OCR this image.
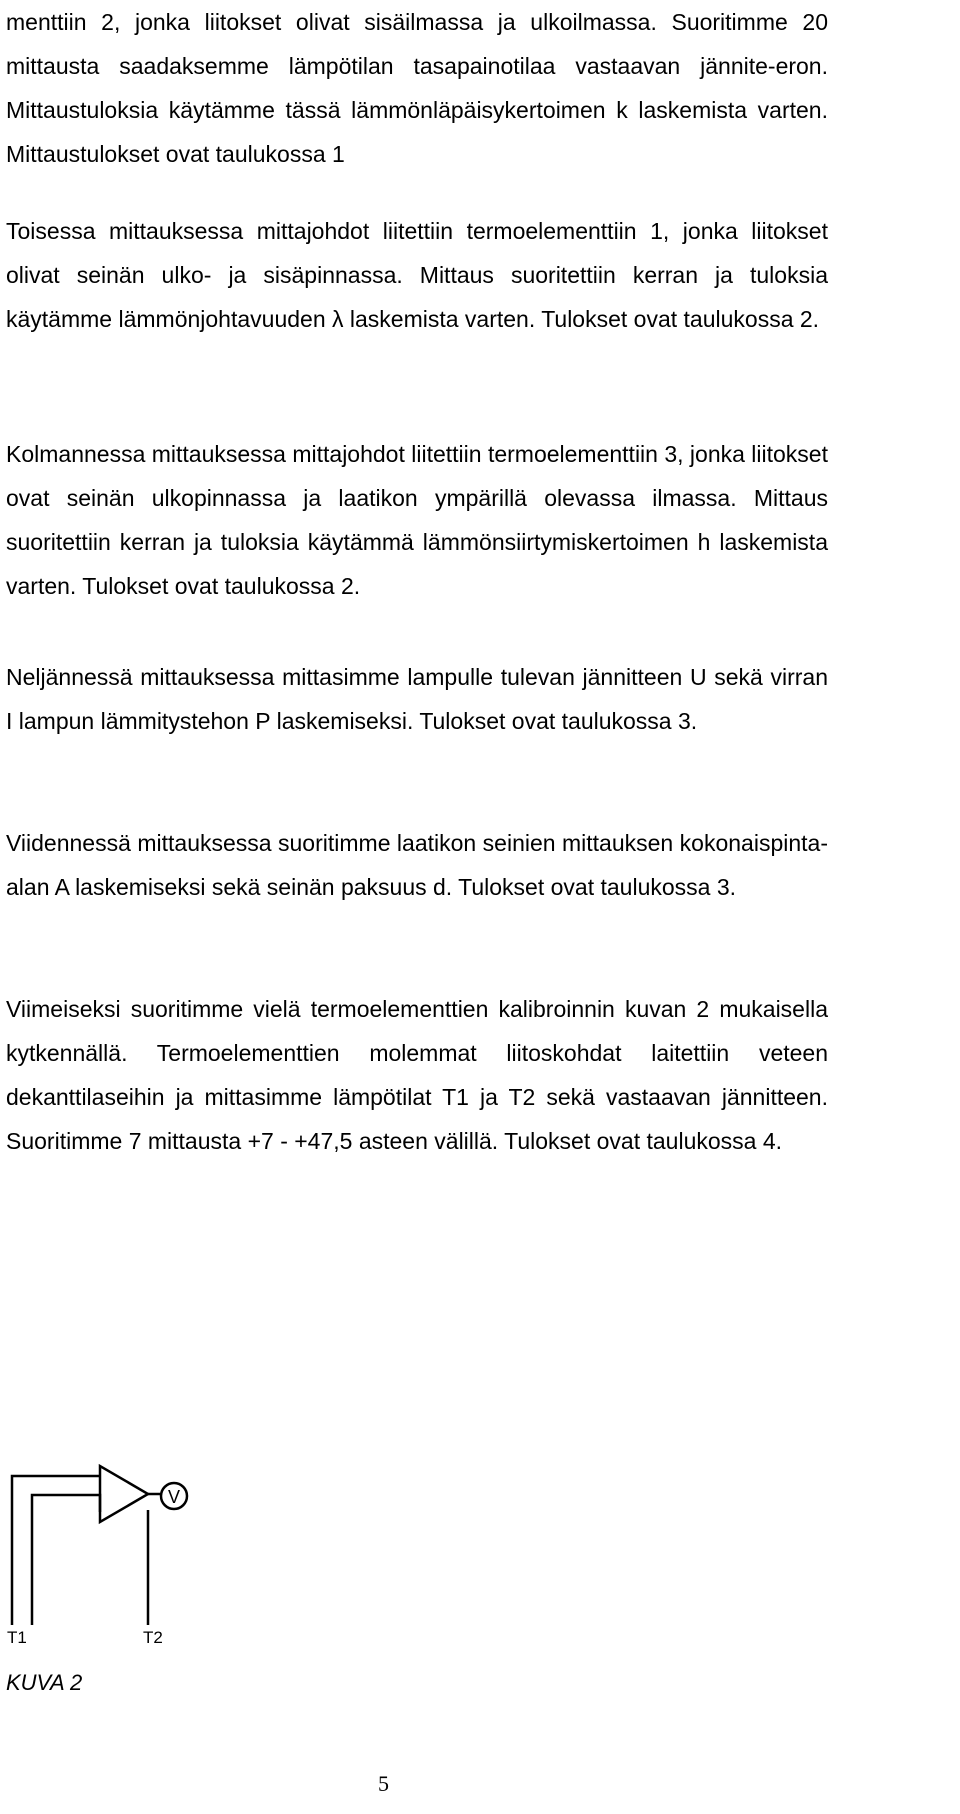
menttiin 2, jonka liitokset olivat sisäilmassa ja ulkoilmassa. Suoritimme 20 mittausta saadaksemme lämpötilan tasapainotilaa vastaavan jännite-eron. Mittaustuloksia käytämme tässä lämmönläpäisykertoimen k laskemista varten. Mittaustulokset ovat taulukossa 1

Toisessa mittauksessa mittajohdot liitettiin termoelementtiin 1, jonka liitokset olivat seinän ulko- ja sisäpinnassa. Mittaus suoritettiin kerran ja tuloksia käytämme lämmönjohtavuuden λ laskemista varten. Tulokset ovat taulukossa 2.

Kolmannessa mittauksessa mittajohdot liitettiin termoelementtiin 3, jonka liitokset ovat seinän ulkopinnassa ja laatikon ympärillä olevassa ilmassa. Mittaus suoritettiin kerran ja tuloksia käytämmä lämmönsiirtymiskertoimen h laskemista varten. Tulokset ovat taulukossa 2.

Neljännessä mittauksessa mittasimme lampulle tulevan jännitteen U sekä virran I lampun lämmitystehon P laskemiseksi. Tulokset ovat taulukossa 3.

Viidennessä mittauksessa suoritimme laatikon seinien mittauksen kokonaispinta-alan A laskemiseksi sekä seinän paksuus d. Tulokset ovat taulukossa 3.

Viimeiseksi suoritimme vielä termoelementtien kalibroinnin kuvan 2 mukaisella kytkennällä. Termoelementtien molemmat liitoskohdat laitettiin veteen dekanttilaseihin ja mittasimme lämpötilat T1 ja T2 sekä vastaavan jännitteen. Suoritimme 7 mittausta +7 - +47,5 asteen välillä. Tulokset ovat taulukossa 4.

V
T1	T2
KUVA 2
5
